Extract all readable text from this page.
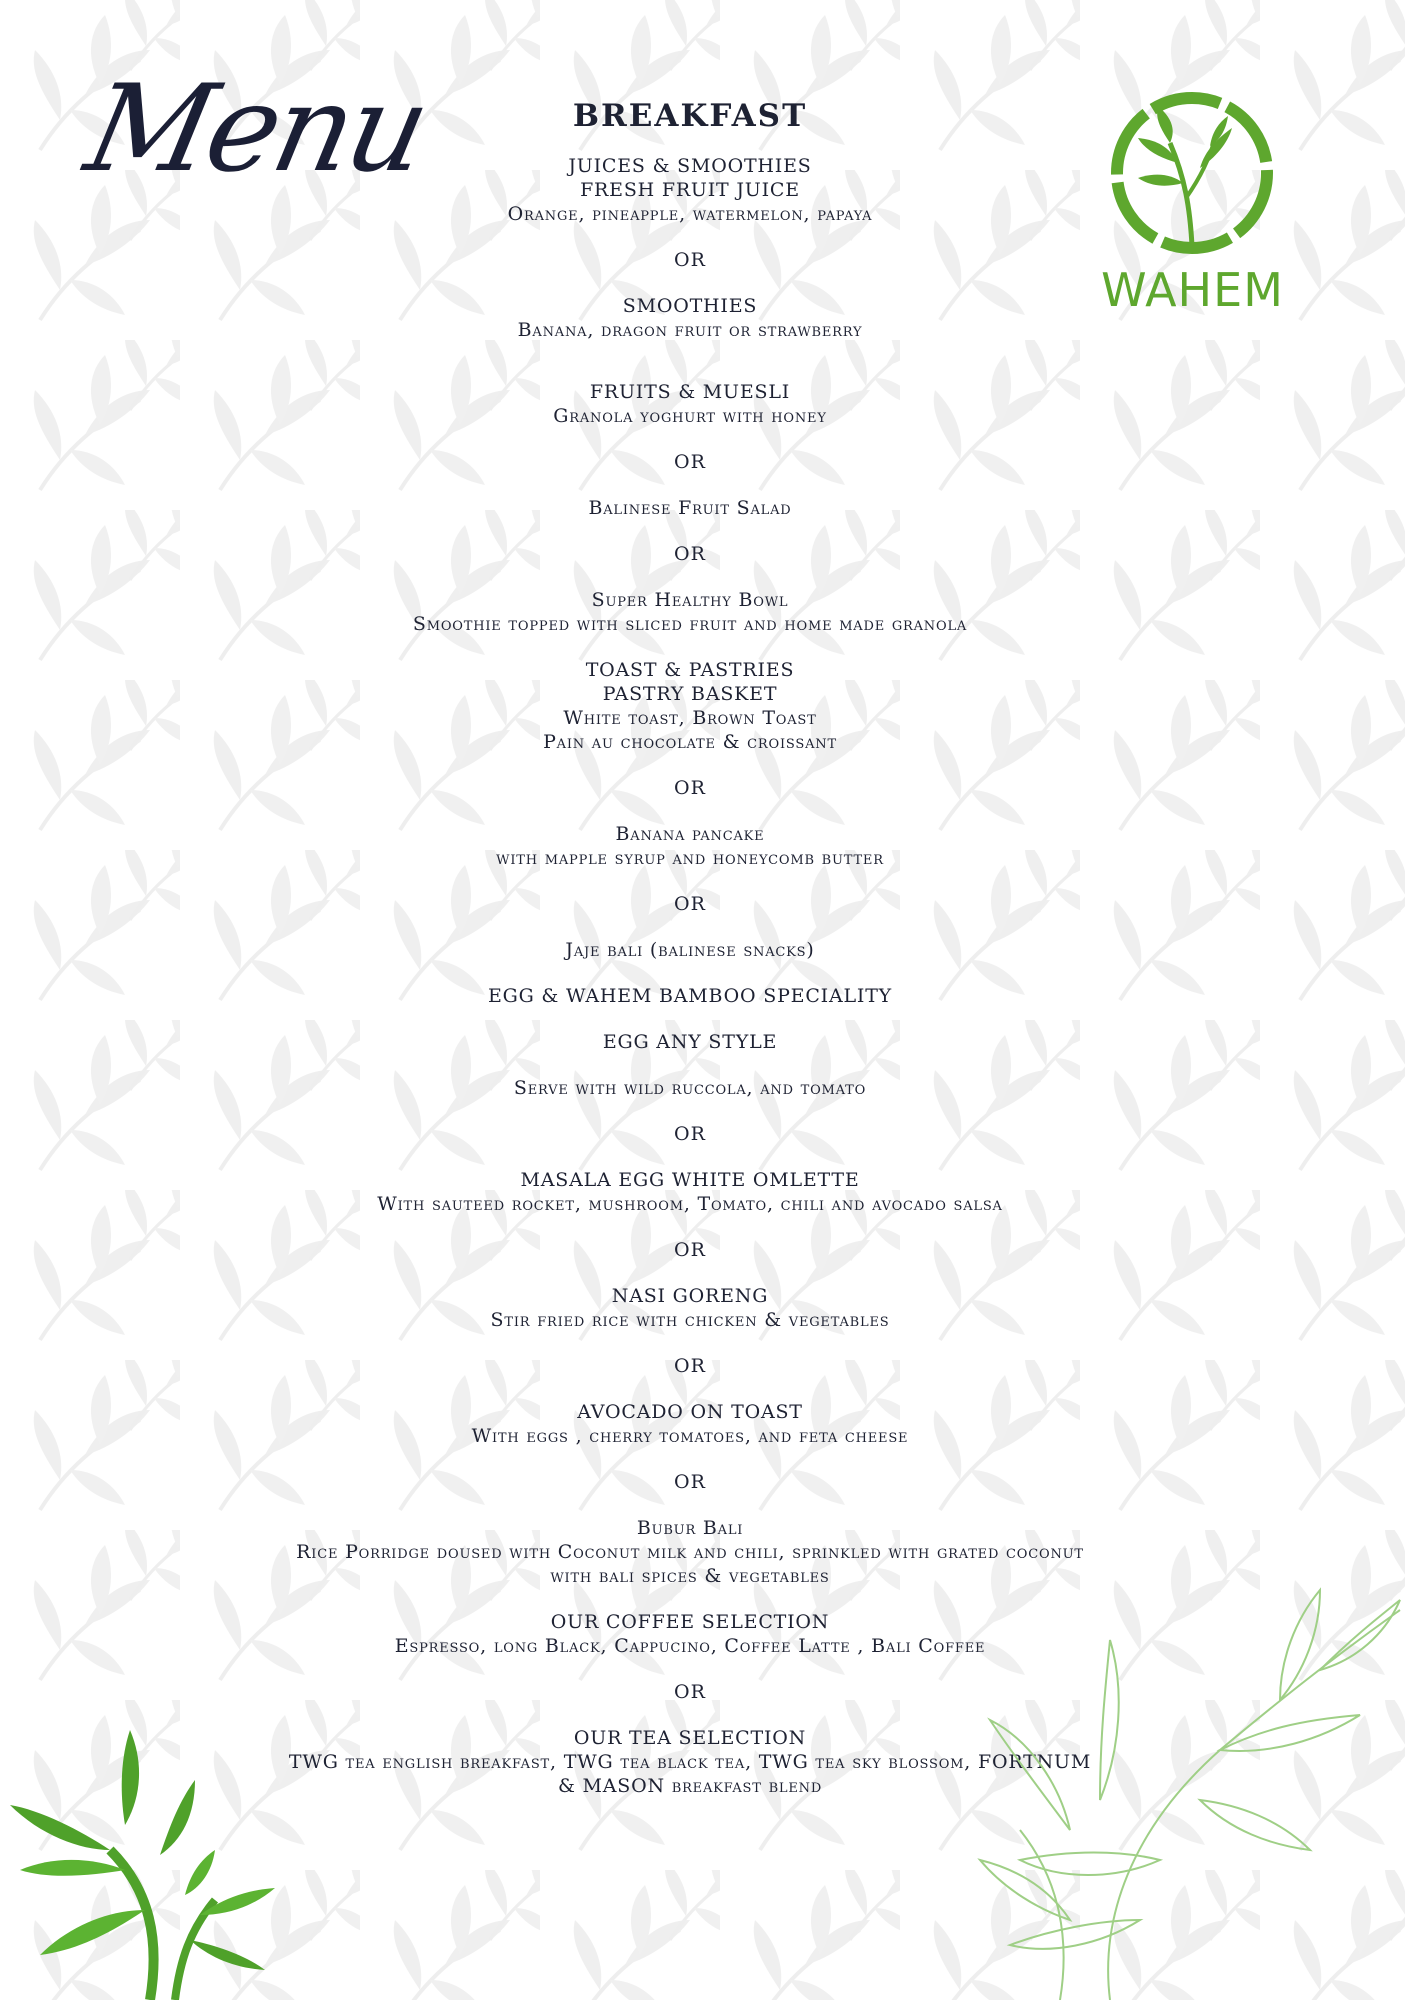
Menu
WAHEM
BREAKFAST
JUICES & SMOOTHIES
FRESH FRUIT JUICE
Orange, pineapple, watermelon, papaya
OR
SMOOTHIES
Banana, dragon fruit or strawberry
FRUITS & MUESLI
Granola yoghurt with honey
OR
Balinese Fruit Salad
OR
Super Healthy Bowl
Smoothie topped with sliced fruit and home made granola
TOAST & PASTRIES
PASTRY BASKET
White toast, Brown Toast
Pain au chocolate & croissant
OR
Banana pancake
with mapple syrup and honeycomb butter
OR
Jaje bali (balinese snacks)
EGG & WAHEM BAMBOO SPECIALITY
EGG ANY STYLE
Serve with wild ruccola, and tomato
OR
MASALA EGG WHITE OMLETTE
With sauteed rocket, mushroom, Tomato, chili and avocado salsa
OR
NASI GORENG
Stir fried rice with chicken & vegetables
OR
AVOCADO ON TOAST
With eggs , cherry tomatoes, and feta cheese
OR
Bubur Bali
Rice Porridge doused with Coconut milk and chili, sprinkled with grated coconut
with bali spices & vegetables
OUR COFFEE SELECTION
Espresso, long Black, Cappucino, Coffee Latte , Bali Coffee
OR
OUR TEA SELECTION
TWG tea english breakfast, TWG tea black tea, TWG tea sky blossom, FORTNUM
& MASON breakfast blend
